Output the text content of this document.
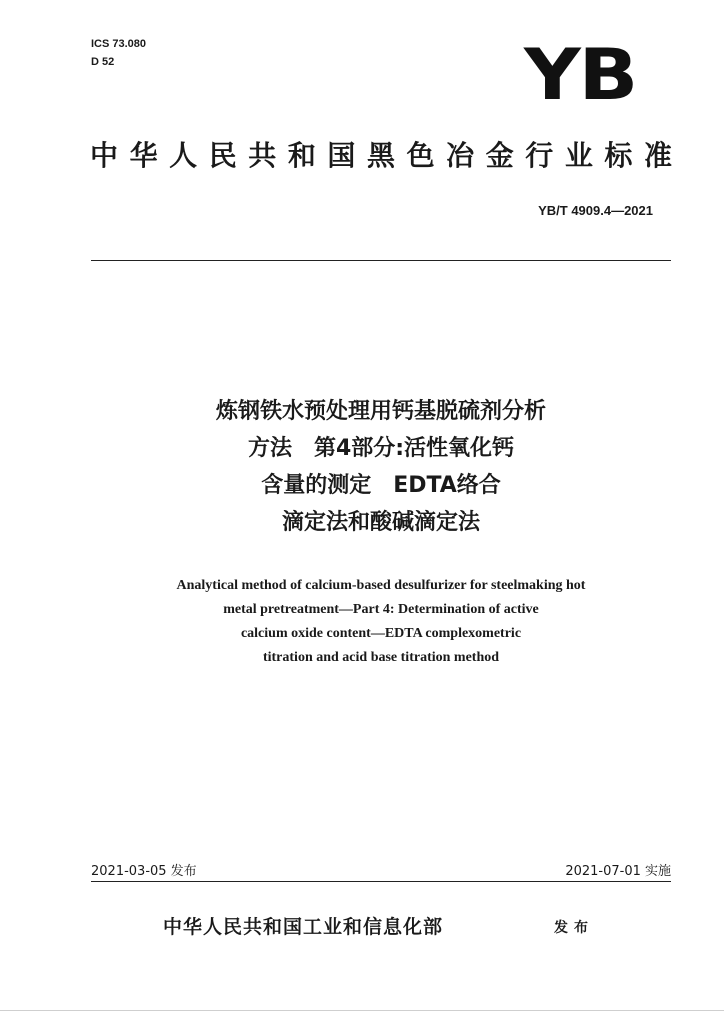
ICS 73.080
D 52	YB
中华人民共和国黑色冶金行业标准
YB/T 4909.4—2021
炼钢铁水预处理用钙基脱硫剂分析
方法　第4部分:活性氧化钙
含量的测定　EDTA络合
滴定法和酸碱滴定法
Analytical method of calcium-based desulfurizer for steelmaking hot
metal pretreatment—Part 4: Determination of active
calcium oxide content—EDTA complexometric
titration and acid base titration method
2021-03-05 发布	2021-07-01 实施
中华人民共和国工业和信息化部	发布
